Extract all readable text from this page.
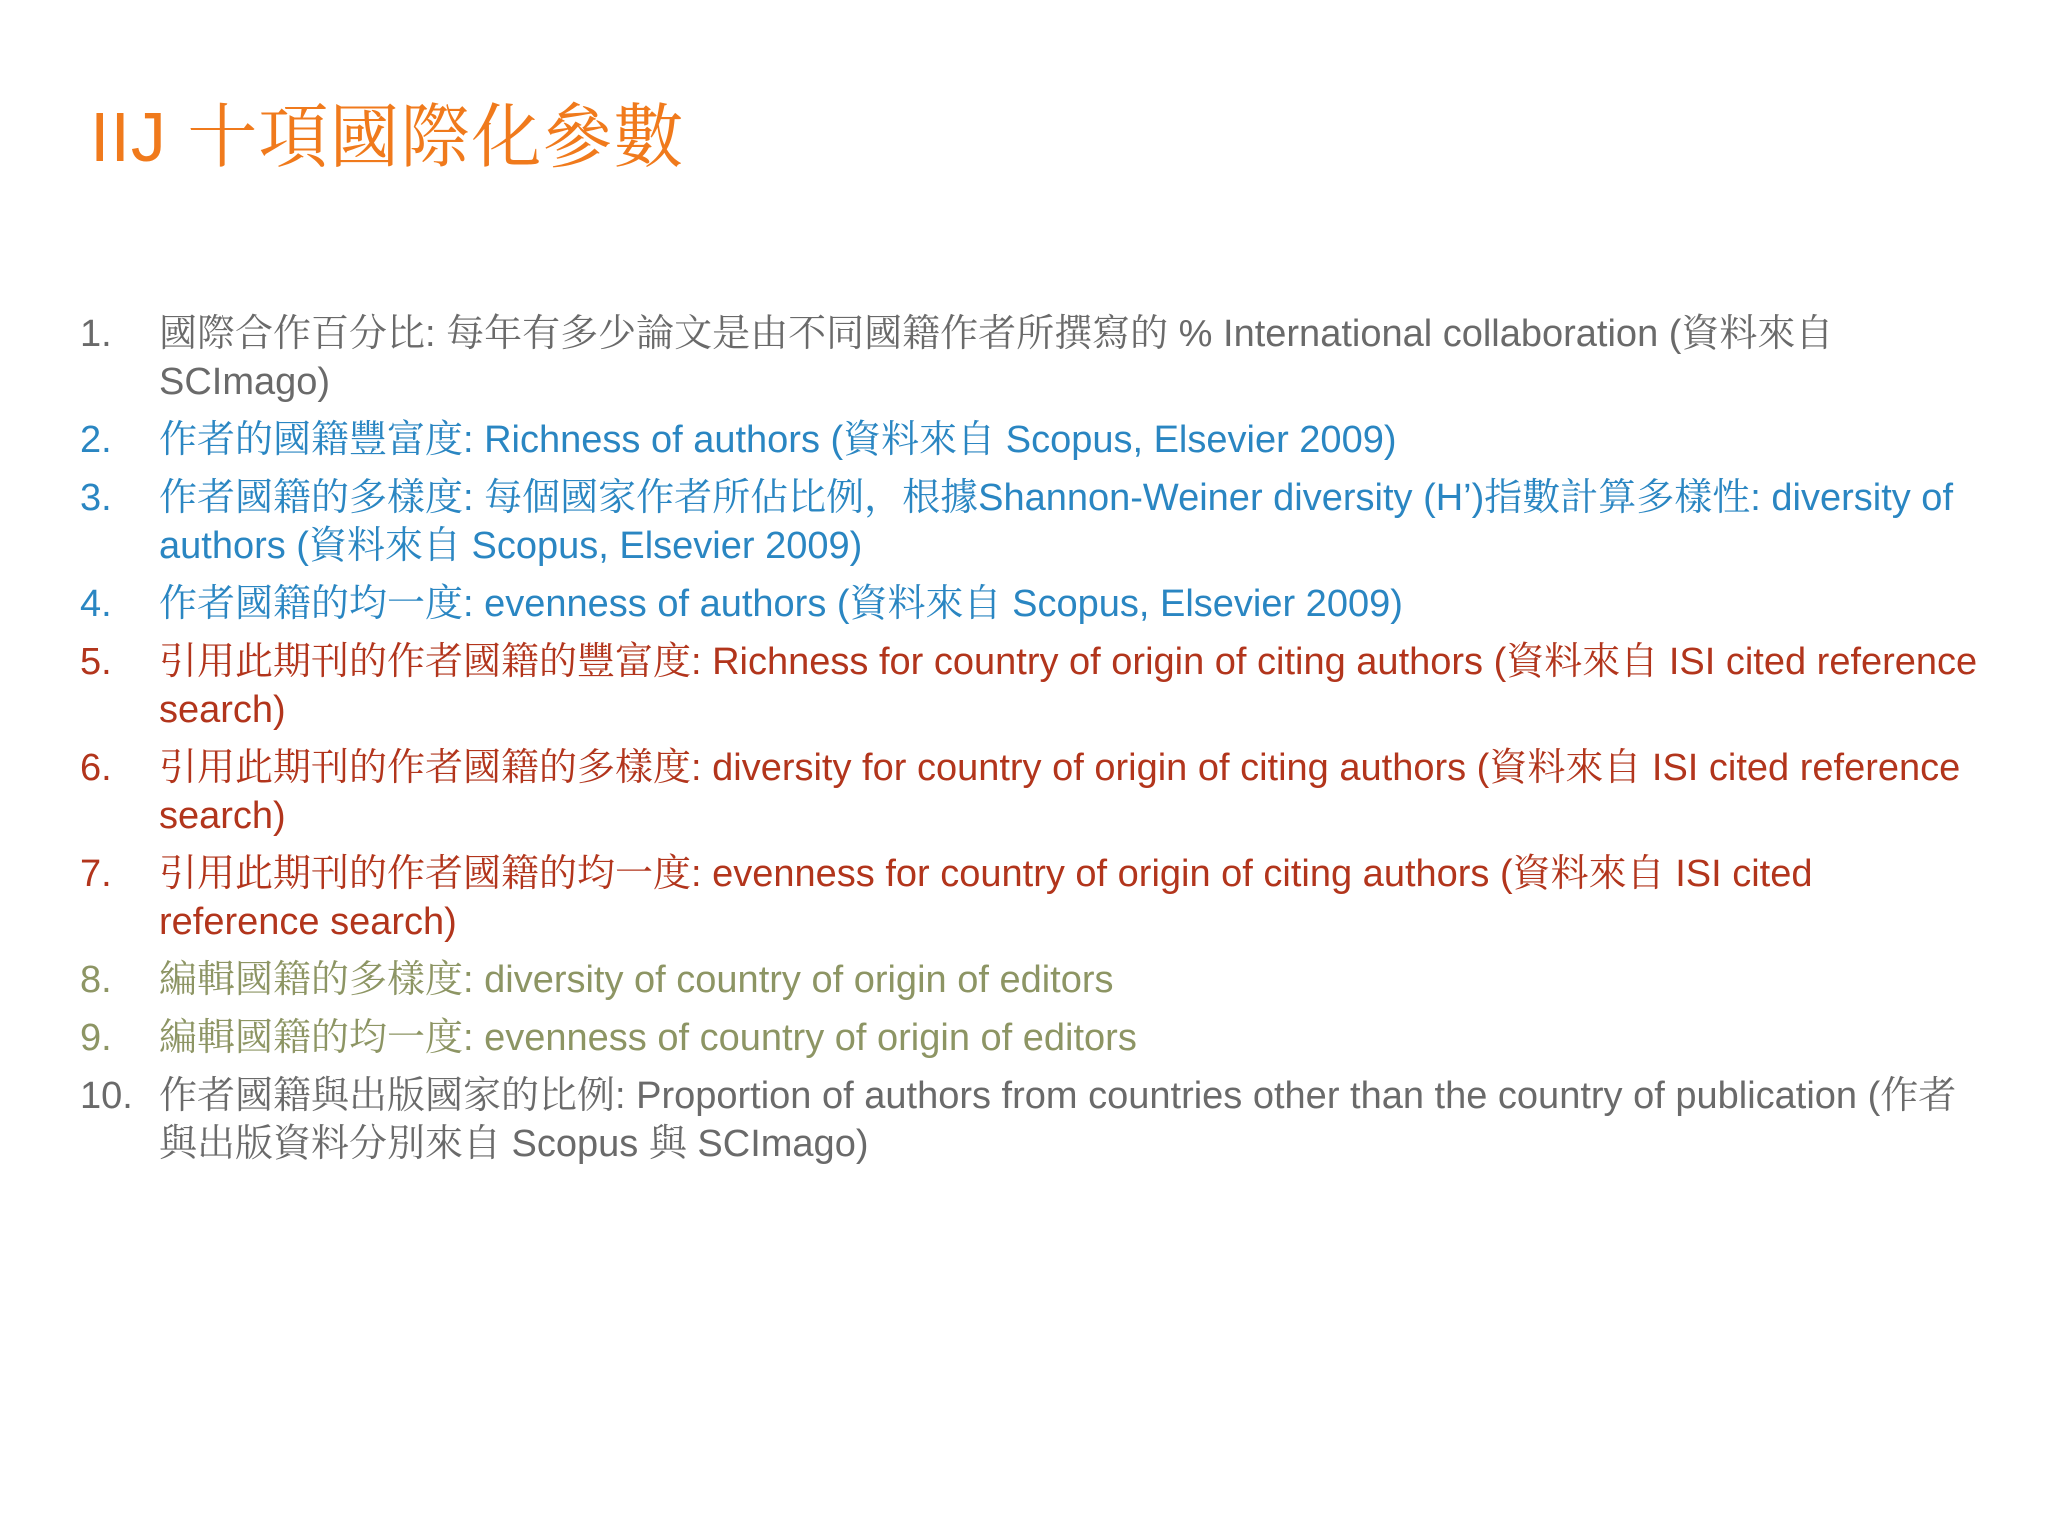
IIJ 十項國際化參數
1.	國際合作百分比: 每年有多少論文是由不同國籍作者所撰寫的 % International collaboration (資料來自 SCImago)
2.	作者的國籍豐富度: Richness of authors (資料來自 Scopus, Elsevier 2009)
3.	作者國籍的多樣度: 每個國家作者所佔比例，根據Shannon-Weiner diversity (H’)指數計算多樣性: diversity of authors (資料來自 Scopus, Elsevier 2009)
4.	作者國籍的均一度: evenness of authors (資料來自 Scopus, Elsevier 2009)
5.	引用此期刊的作者國籍的豐富度: Richness for country of origin of citing authors (資料來自 ISI cited reference search)
6.	引用此期刊的作者國籍的多樣度: diversity for country of origin of citing authors (資料來自 ISI cited reference search)
7.	引用此期刊的作者國籍的均一度: evenness for country of origin of citing authors (資料來自 ISI cited reference search)
8.	編輯國籍的多樣度: diversity of country of origin of editors
9.	編輯國籍的均一度: evenness of country of origin of editors
10. 作者國籍與出版國家的比例: Proportion of authors from countries other than the country of publication (作者與出版資料分別來自 Scopus 與 SCImago)
